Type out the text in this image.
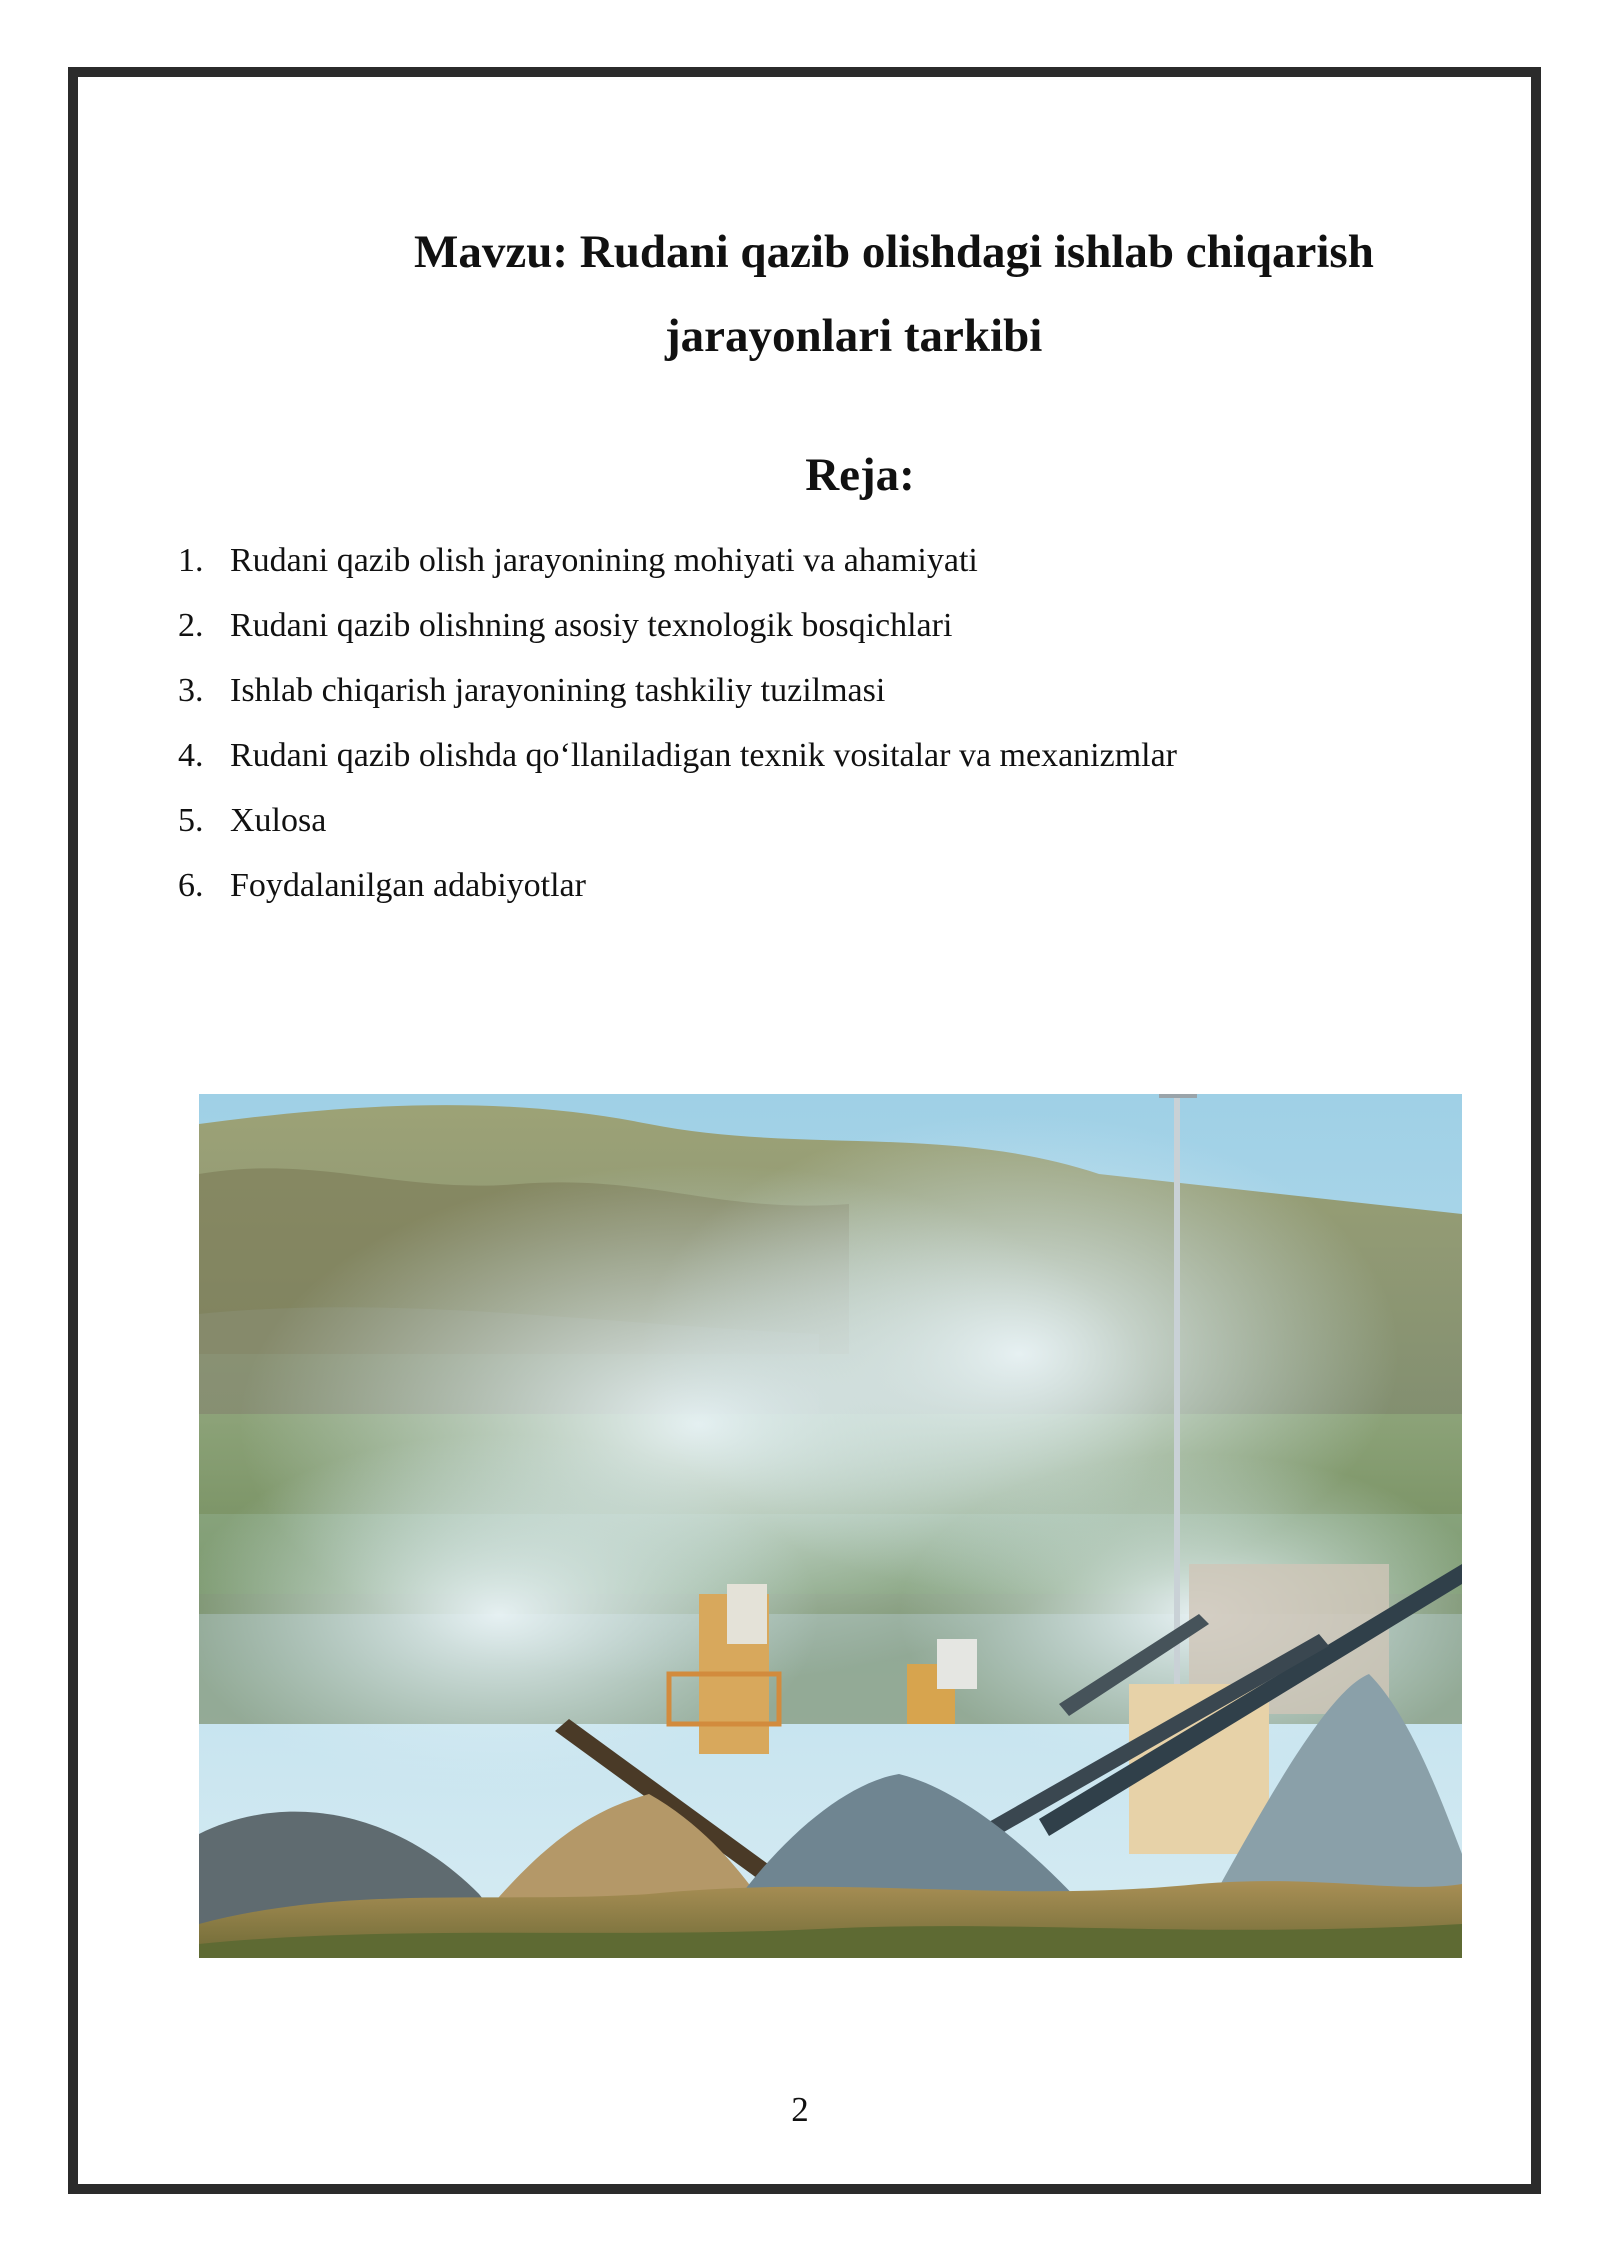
Mavzu: Rudani qazib olishdagi ishlab chiqarish
jarayonlari tarkibi
Reja:
1. Rudani qazib olish jarayonining mohiyati va ahamiyati
2. Rudani qazib olishning asosiy texnologik bosqichlari
3. Ishlab chiqarish jarayonining tashkiliy tuzilmasi
4. Rudani qazib olishda qo‘llaniladigan texnik vositalar va mexanizmlar
5. Xulosa
6. Foydalanilgan adabiyotlar

2
